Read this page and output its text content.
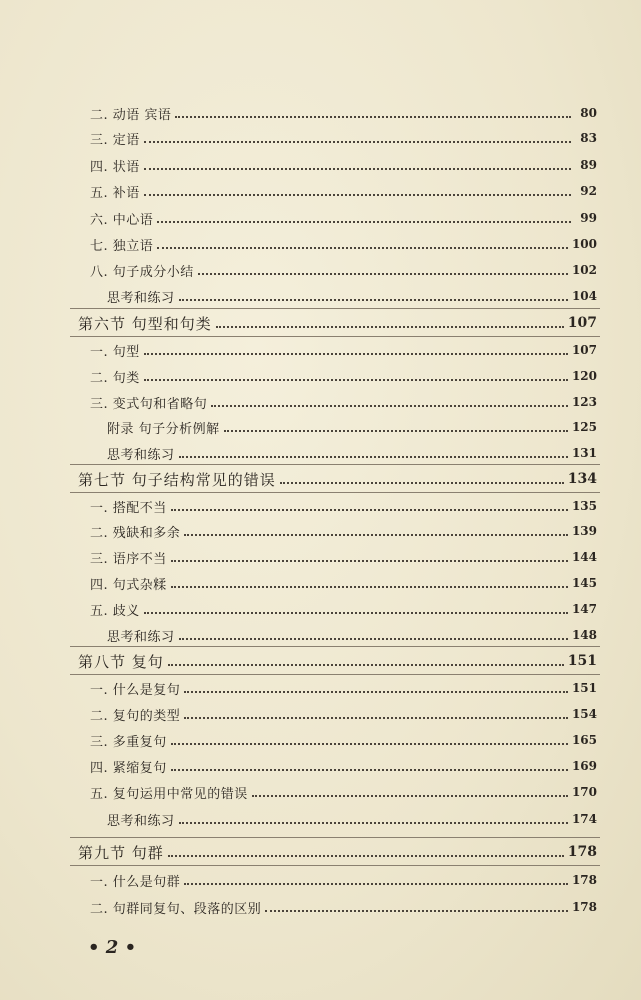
二. 动语 宾语	80
三. 定语	83
四. 状语	89
五. 补语	92
六. 中心语	99
七. 独立语	100
八. 句子成分小结	102
思考和练习	104
第六节 句型和句类	107
一. 句型	107
二. 句类	120
三. 变式句和省略句	123
附录 句子分析例解	125
思考和练习	131
第七节 句子结构常见的错误	134
一. 搭配不当	135
二. 残缺和多余	139
三. 语序不当	144
四. 句式杂糅	145
五. 歧义	147
思考和练习	148
第八节 复句	151
一. 什么是复句	151
二. 复句的类型	154
三. 多重复句	165
四. 紧缩复句	169
五. 复句运用中常见的错误	170
思考和练习	174
第九节 句群	178
一. 什么是句群	178
二. 句群同复句、段落的区别	178
• 2 •
